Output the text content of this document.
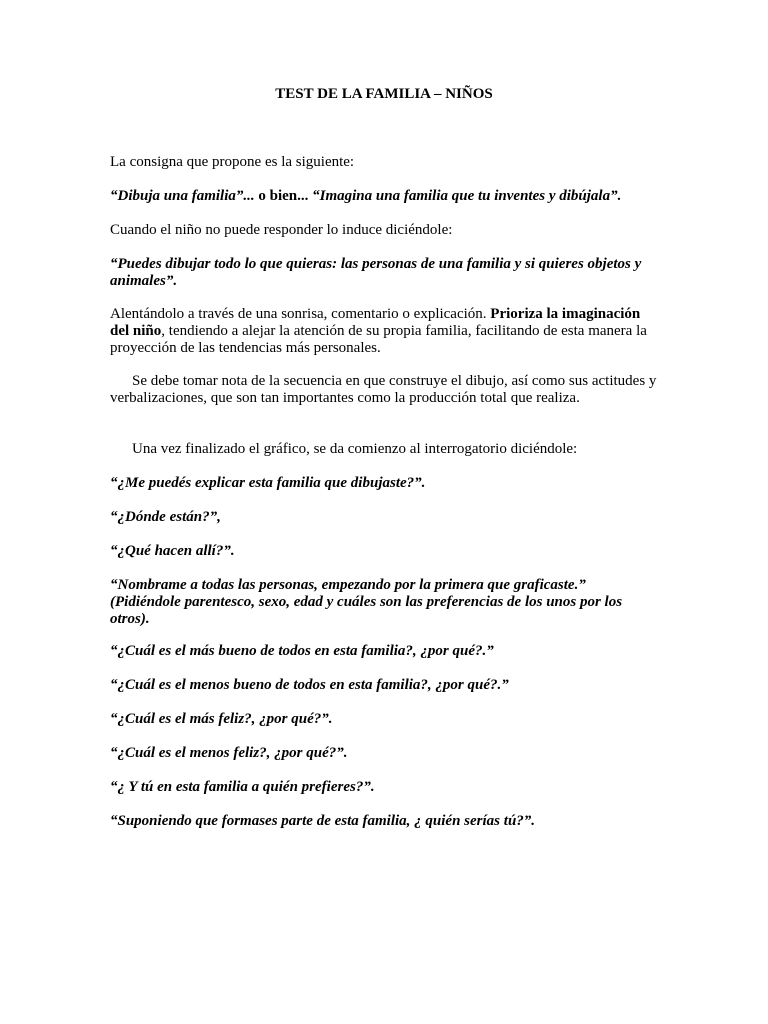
TEST DE LA FAMILIA – NIÑOS

La consigna que propone es la siguiente:

“Dibuja una familia”... o bien... “Imagina una familia que tu inventes y dibújala”.

Cuando el niño no puede responder lo induce diciéndole:

“Puedes dibujar todo lo que quieras: las personas de una familia y si quieres objetos y animales”.

Alentándolo a través de una sonrisa, comentario o explicación. Prioriza la imaginación del niño, tendiendo a alejar la atención de su propia familia, facilitando de esta manera la proyección de las tendencias más personales.

Se debe tomar nota de la secuencia en que construye el dibujo, así como sus actitudes y verbalizaciones, que son tan importantes como la producción total que realiza.

Una vez finalizado el gráfico, se da comienzo al interrogatorio diciéndole:

“¿Me puedés explicar esta familia que dibujaste?”.

“¿Dónde están?”,

“¿Qué hacen allí?”.

“Nombrame a todas las personas, empezando por la primera que graficaste.” (Pidiéndole parentesco, sexo, edad y cuáles son las preferencias de los unos por los otros).

“¿Cuál es el más bueno de todos en esta familia?, ¿por qué?.”

“¿Cuál es el menos bueno de todos en esta familia?, ¿por qué?.”

“¿Cuál es el más feliz?, ¿por qué?”.

“¿Cuál es el menos feliz?, ¿por qué?”.

“¿ Y tú en esta familia a quién prefieres?”.

“Suponiendo que formases parte de esta familia, ¿ quién serías tú?”.
